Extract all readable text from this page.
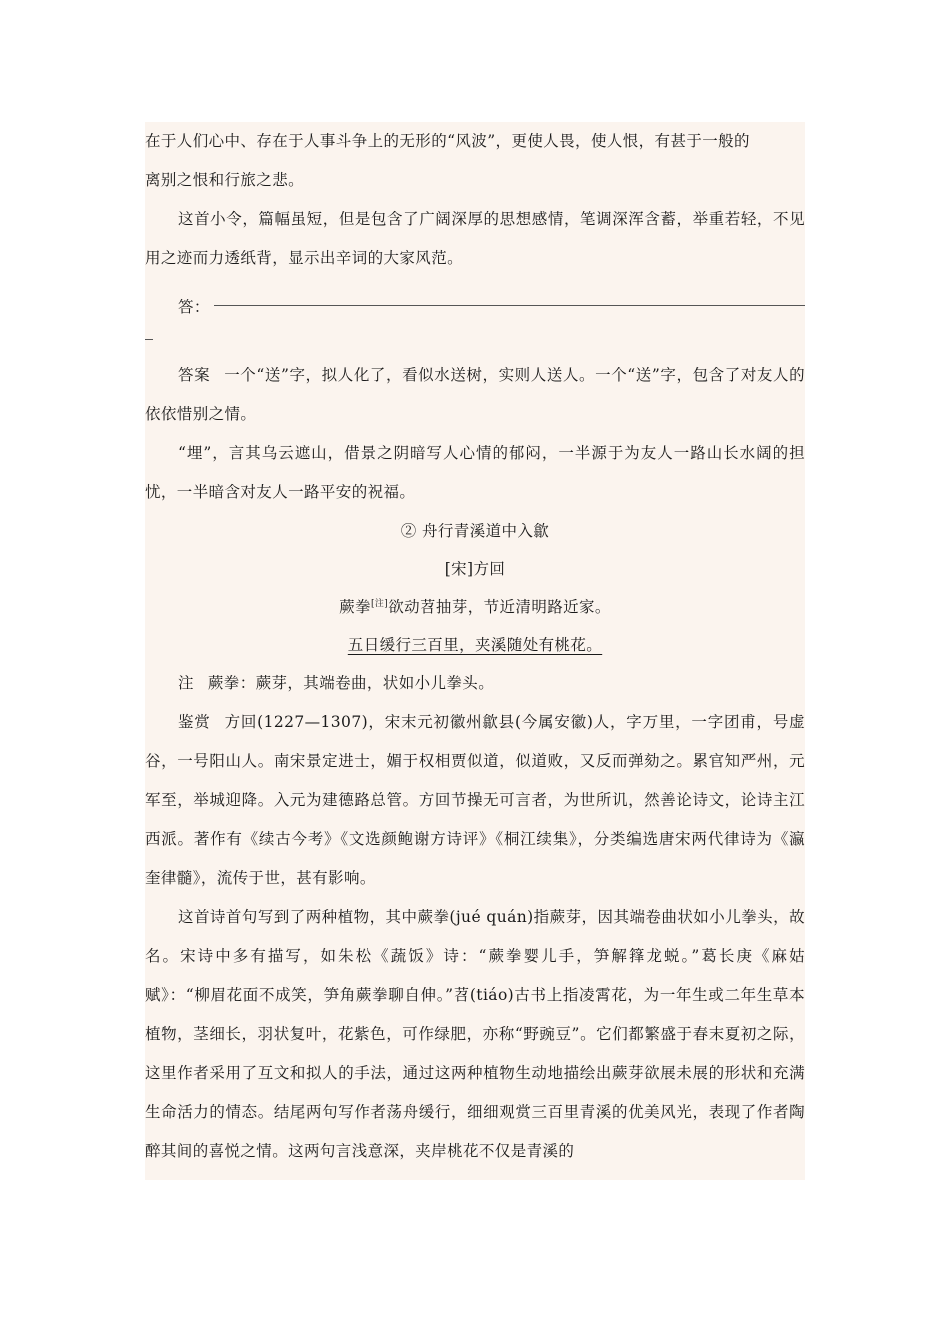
在于人们心中、存在于人事斗争上的无形的“风波”，更使人畏，使人恨，有甚于一般的

离别之恨和行旅之悲。

这首小令，篇幅虽短，但是包含了广阔深厚的思想感情，笔调深浑含蓄，举重若轻，不见用之迹而力透纸背，显示出辛词的大家风范。

答：

答案 一个“送”字，拟人化了，看似水送树，实则人送人。一个“送”字，包含了对友人的依依惜别之情。

“埋”，言其乌云遮山，借景之阴暗写人心情的郁闷，一半源于为友人一路山长水阔的担忧，一半暗含对友人一路平安的祝福。

② 舟行青溪道中入歙

[宋]方回

蕨拳[注]欲动苕抽芽，节近清明路近家。

五日缓行三百里，夹溪随处有桃花。

注 蕨拳：蕨芽，其端卷曲，状如小儿拳头。

鉴赏 方回(1227—1307)，宋末元初徽州歙县(今属安徽)人，字万里，一字团甫，号虚谷，一号阳山人。南宋景定进士，媚于权相贾似道，似道败，又反而弹劾之。累官知严州，元军至，举城迎降。入元为建德路总管。方回节操无可言者，为世所讥，然善论诗文，论诗主江西派。著作有《续古今考》《文选颜鲍谢方诗评》《桐江续集》，分类编选唐宋两代律诗为《瀛奎律髓》，流传于世，甚有影响。

这首诗首句写到了两种植物，其中蕨拳(jué quán)指蕨芽，因其端卷曲状如小儿拳头，故名。宋诗中多有描写，如朱松《蔬饭》诗：“蕨拳婴儿手，笋解箨龙蜕。”葛长庚《麻姑赋》：“柳眉花面不成笑，笋角蕨拳聊自伸。”苕(tiáo)古书上指凌霄花，为一年生或二年生草本植物，茎细长，羽状复叶，花紫色，可作绿肥，亦称“野豌豆”。它们都繁盛于春末夏初之际，这里作者采用了互文和拟人的手法，通过这两种植物生动地描绘出蕨芽欲展未展的形状和充满生命活力的情态。结尾两句写作者荡舟缓行，细细观赏三百里青溪的优美风光，表现了作者陶醉其间的喜悦之情。这两句言浅意深，夹岸桃花不仅是青溪的
